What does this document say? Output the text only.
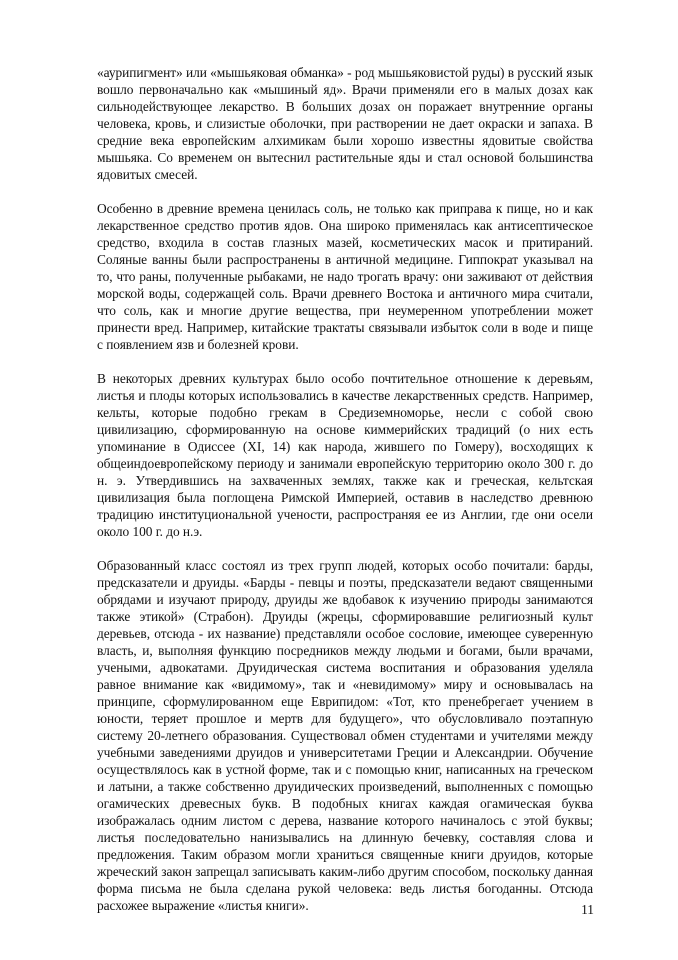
«аурипигмент» или «мышьяковая обманка» - род мышьяковистой руды) в русский язык вошло первоначально как «мышиный яд». Врачи применяли его в малых дозах как сильнодействующее лекарство. В больших дозах он поражает внутренние органы человека, кровь, и слизистые оболочки, при растворении не дает окраски и запаха. В средние века европейским алхимикам были хорошо известны ядовитые свойства мышьяка. Со временем он вытеснил растительные яды и стал основой большинства ядовитых смесей.

Особенно в древние времена ценилась соль, не только как приправа к пище, но и как лекарственное средство против ядов. Она широко применялась как антисептическое средство, входила в состав глазных мазей, косметических масок и притираний. Соляные ванны были распространены в античной медицине. Гиппократ указывал на то, что раны, полученные рыбаками, не надо трогать врачу: они заживают от действия морской воды, содержащей соль. Врачи древнего Востока и античного мира считали, что соль, как и многие другие вещества, при неумеренном употреблении может принести вред. Например, китайские трактаты связывали избыток соли в воде и пище с появлением язв и болезней крови.

В некоторых древних культурах было особо почтительное отношение к деревьям, листья и плоды которых использовались в качестве лекарственных средств. Например, кельты, которые подобно грекам в Средиземноморье, несли с собой свою цивилизацию, сформированную на основе киммерийских традиций (о них есть упоминание в Одиссее (XI, 14) как народа, жившего по Гомеру), восходящих к общеиндоевропейскому периоду и занимали европейскую территорию около 300 г. до н. э. Утвердившись на захваченных землях, также как и греческая, кельтская цивилизация была поглощена Римской Империей, оставив в наследство древнюю традицию институциональной учености, распространяя ее из Англии, где они осели около 100 г. до н.э.

Образованный класс состоял из трех групп людей, которых особо почитали: барды, предсказатели и друиды. «Барды - певцы и поэты, предсказатели ведают священными обрядами и изучают природу, друиды же вдобавок к изучению природы занимаются также этикой» (Страбон). Друиды (жрецы, сформировавшие религиозный культ деревьев, отсюда - их название) представляли особое сословие, имеющее суверенную власть, и, выполняя функцию посредников между людьми и богами, были врачами, учеными, адвокатами. Друидическая система воспитания и образования уделяла равное внимание как «видимому», так и «невидимому» миру и основывалась на принципе, сформулированном еще Еврипидом: «Тот, кто пренебрегает учением в юности, теряет прошлое и мертв для будущего», что обусловливало поэтапную систему 20-летнего образования. Существовал обмен студентами и учителями между учебными заведениями друидов и университетами Греции и Александрии. Обучение осуществлялось как в устной форме, так и с помощью книг, написанных на греческом и латыни, а также собственно друидических произведений, выполненных с помощью огамических древесных букв. В подобных книгах каждая огамическая буква изображалась одним листом с дерева, название которого начиналось с этой буквы; листья последовательно нанизывались на длинную бечевку, составляя слова и предложения. Таким образом могли храниться священные книги друидов, которые жреческий закон запрещал записывать каким-либо другим способом, поскольку данная форма письма не была сделана рукой человека: ведь листья богоданны. Отсюда расхожее выражение «листья книги».	11
